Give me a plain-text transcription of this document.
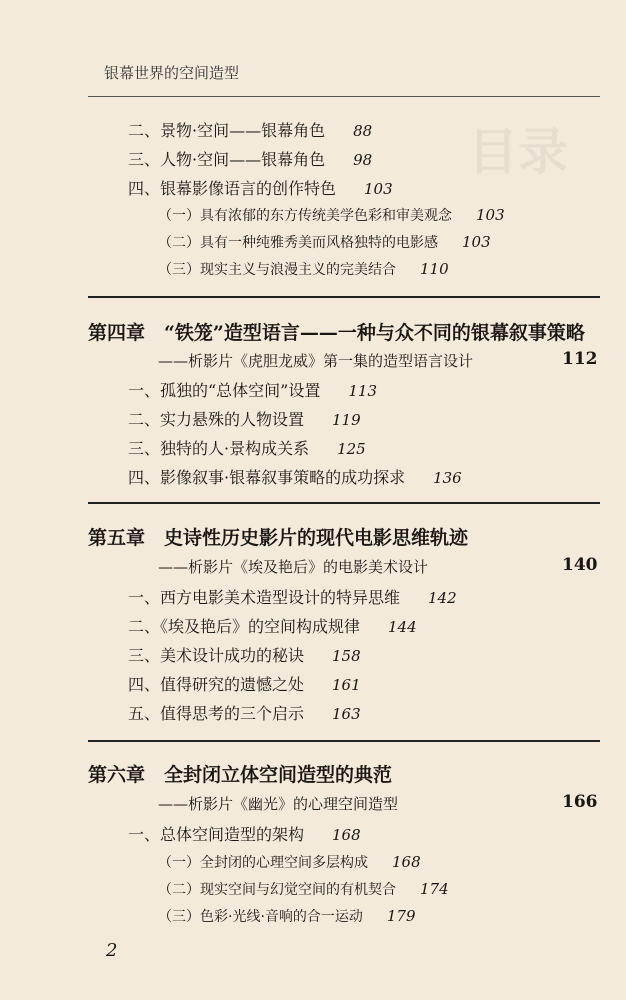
目录
银幕世界的空间造型
二、景物·空间——银幕角色 88
三、人物·空间——银幕角色 98
四、银幕影像语言的创作特色 103
（一）具有浓郁的东方传统美学色彩和审美观念 103
（二）具有一种纯雅秀美而风格独特的电影感 103
（三）现实主义与浪漫主义的完美结合 110
第四章　“铁笼”造型语言——一种与众不同的银幕叙事策略
——析影片《虎胆龙威》第一集的造型语言设计	112
一、孤独的“总体空间”设置 113
二、实力悬殊的人物设置 119
三、独特的人·景构成关系 125
四、影像叙事·银幕叙事策略的成功探求 136
第五章　史诗性历史影片的现代电影思维轨迹
——析影片《埃及艳后》的电影美术设计	140
一、西方电影美术造型设计的特异思维 142
二、《埃及艳后》的空间构成规律 144
三、美术设计成功的秘诀 158
四、值得研究的遗憾之处 161
五、值得思考的三个启示 163
第六章　全封闭立体空间造型的典范
——析影片《幽光》的心理空间造型	166
一、总体空间造型的架构 168
（一）全封闭的心理空间多层构成 168
（二）现实空间与幻觉空间的有机契合 174
（三）色彩·光线·音响的合一运动 179
2
